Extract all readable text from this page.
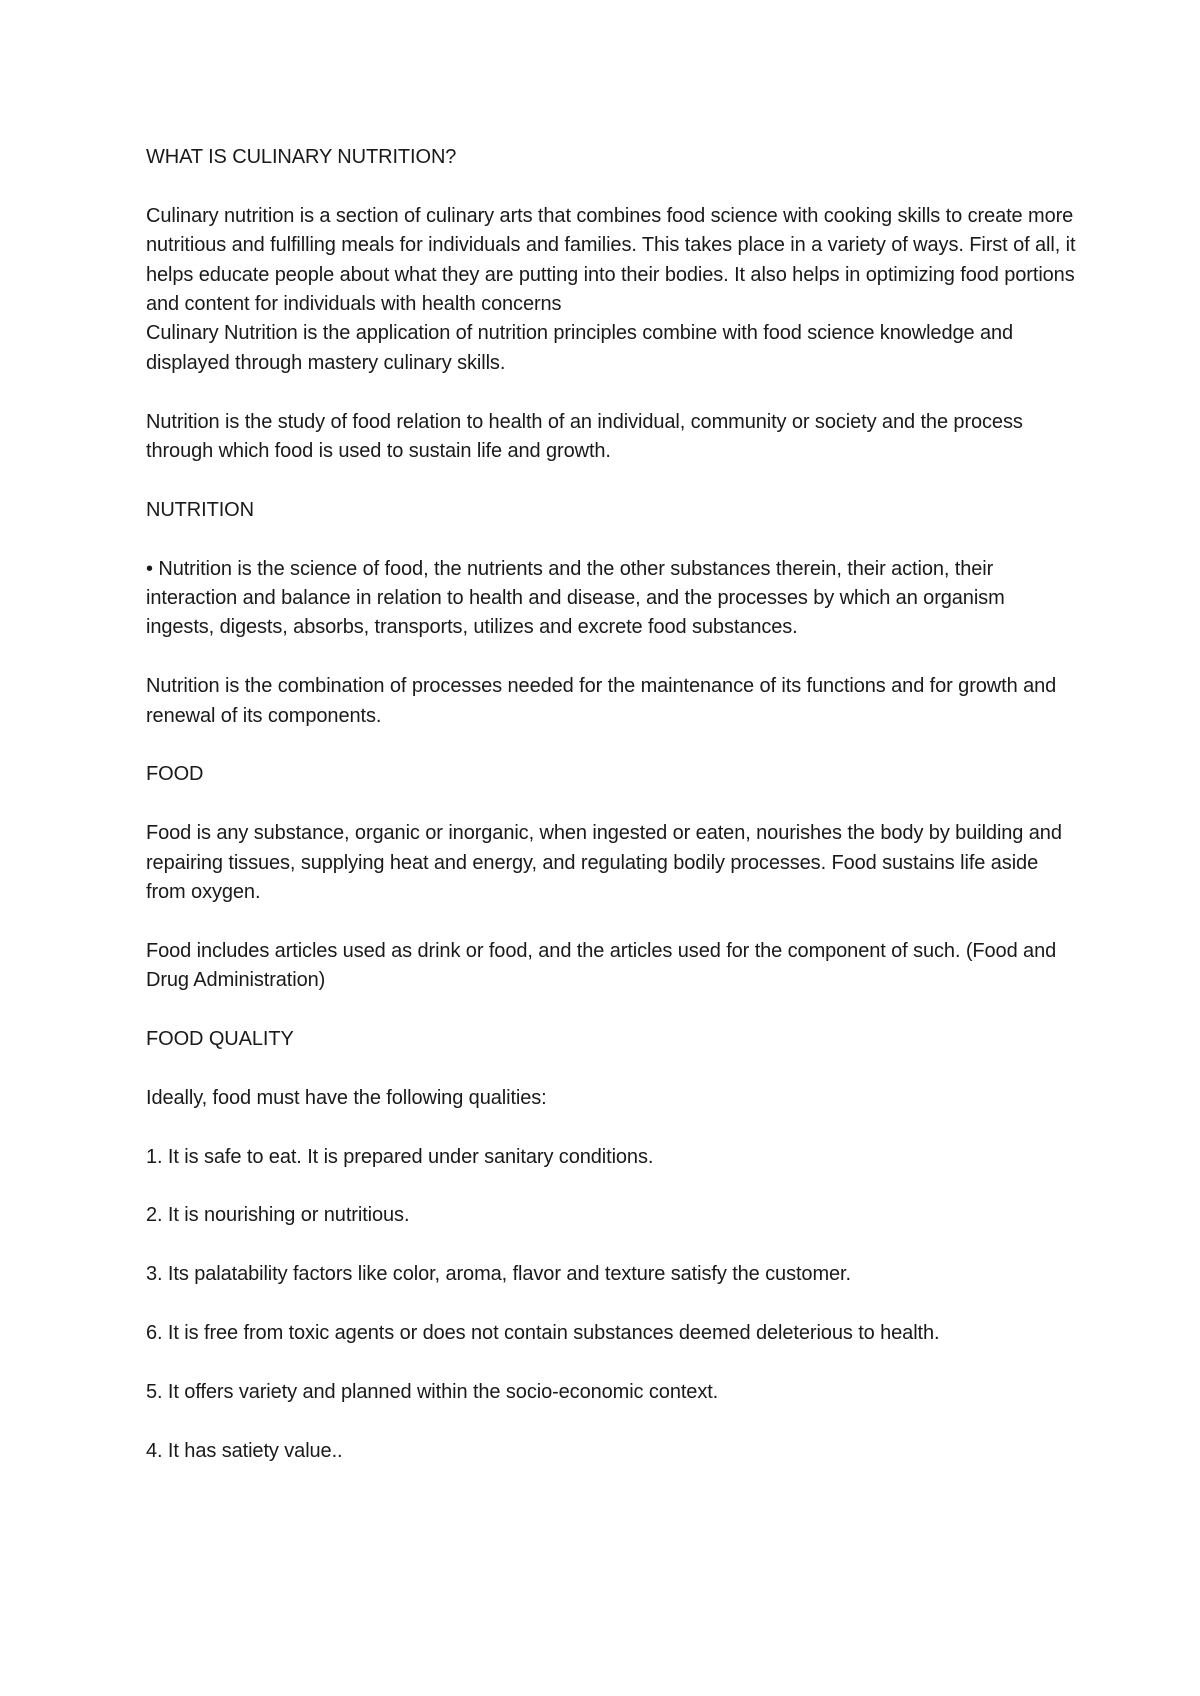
WHAT IS CULINARY NUTRITION?

Culinary nutrition is a section of culinary arts that combines food science with cooking skills to create more nutritious and fulfilling meals for individuals and families. This takes place in a variety of ways. First of all, it helps educate people about what they are putting into their bodies. It also helps in optimizing food portions and content for individuals with health concerns

Culinary Nutrition is the application of nutrition principles combine with food science knowledge and displayed through mastery culinary skills.

Nutrition is the study of food relation to health of an individual, community or society and the process through which food is used to sustain life and growth.

NUTRITION

• Nutrition is the science of food, the nutrients and the other substances therein, their action, their interaction and balance in relation to health and disease, and the processes by which an organism ingests, digests, absorbs, transports, utilizes and excrete food substances.

Nutrition is the combination of processes needed for the maintenance of its functions and for growth and renewal of its components.

FOOD

Food is any substance, organic or inorganic, when ingested or eaten, nourishes the body by building and repairing tissues, supplying heat and energy, and regulating bodily processes. Food sustains life aside from oxygen.

Food includes articles used as drink or food, and the articles used for the component of such. (Food and Drug Administration)

FOOD QUALITY

Ideally, food must have the following qualities:

1. It is safe to eat. It is prepared under sanitary conditions.

2. It is nourishing or nutritious.

3. Its palatability factors like color, aroma, flavor and texture satisfy the customer.

6. It is free from toxic agents or does not contain substances deemed deleterious to health.

5. It offers variety and planned within the socio-economic context.

4. It has satiety value..
